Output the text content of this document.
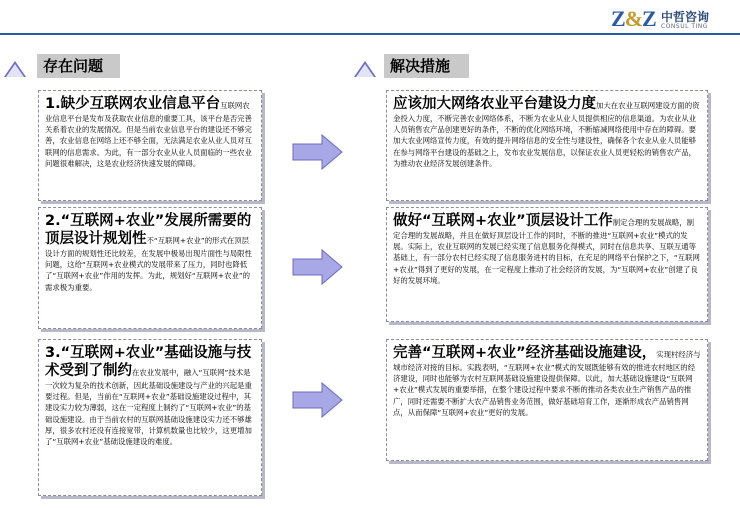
Z&Z 中哲咨询
CONSUL TING
存在问题	解决措施
1.缺少互联网农业信息平台互联网农业信息平台是发布及获取农业信息的重要工具，该平台是否完善关系着农业的发展情况。但是当前农业信息平台的建设还不够完善，农业信息在网络上还不够全面，无法满足农业从业人员对互联网的信息需求。为此，有一部分农业从业人员面临的一些农业问题很难解决，这是农业经济快速发展的障碍。
2.“互联网+农业”发展所需要的顶层设计规划性不“互联网+农业”的形式在顶层设计方面的规划性还比较差，在发展中极易出现片面性与局限性问题，这给“互联网+农业模式的发展带来了压力，同时也降低了“互联网+农业”作用的发挥。为此，规划好“互联网+农业”的需求极为重要。
3.“互联网+农业”基础设施与技术受到了制约在农业发展中，融入“互联网”技术是一次较为复杂的技术创新，因此基础设施建设与产业的兴起是重要过程。但是，当前在“互联网+农业”基础设施建设过程中，其建设实力较为薄弱，这在一定程度上制约了“互联网+农业”的基础设施建设。由于当前农村的互联网基础设施建设实力还不够雄厚，很多农村还没有连接宽带，计算机数量也比较少，这更增加了“互联网+农业”基础设施建设的难度。
应该加大网络农业平台建设力度加大在农业互联网建设方面的资金投入力度，不断完善农业网络体系，不断为农业从业人员提供相应的信息渠道。为农业从业人员销售农产品创建更好的条件，不断的优化网络环境，不断缩减网络使用中存在的障碍。要加大农业网络宣传力度，有效的提升网络信息的安全性与建设性，确保各个农业从业人员能够在参与网络平台建设的基础之上，发布农业发展信息，以保证农业人员更轻松的销售农产品，为推动农业经济发展创建条件。
做好“互联网+农业”顶层设计工作制定合理的发展战略，制定合理的发展战略，并且在做好顶层设计工作的同时，不断的推进“互联网+农业”模式的发展。实际上，农业互联网的发展已经实现了信息服务化得模式，同时在信息共享、互联互通等基础上，有一部分农村已经实现了信息服务进村的目标，在充足的网络平台保护之下，“互联网+农业”得到了更好的发展，在一定程度上推动了社会经济的发展，为“互联网+农业”创建了良好的发展环境。
完善“互联网+农业”经济基础设施建设，实现村经济与城市经济对接的目标。实践表明，“互联网+农业”模式的发展既能够有效的推进农村地区的经济建设，同时也能够为农村互联网基础设施建设提供保障。以此，加大基础设施建设“互联网+农业”模式发展的重要举措，在整个建设过程中要求不断的推动各类农业生产销售产品的推广，同时还需要不断扩大农产品销售业务范围，做好基础培育工作，逐渐形成农产品销售网点，从而保障“互联网+农业”更好的发展。
